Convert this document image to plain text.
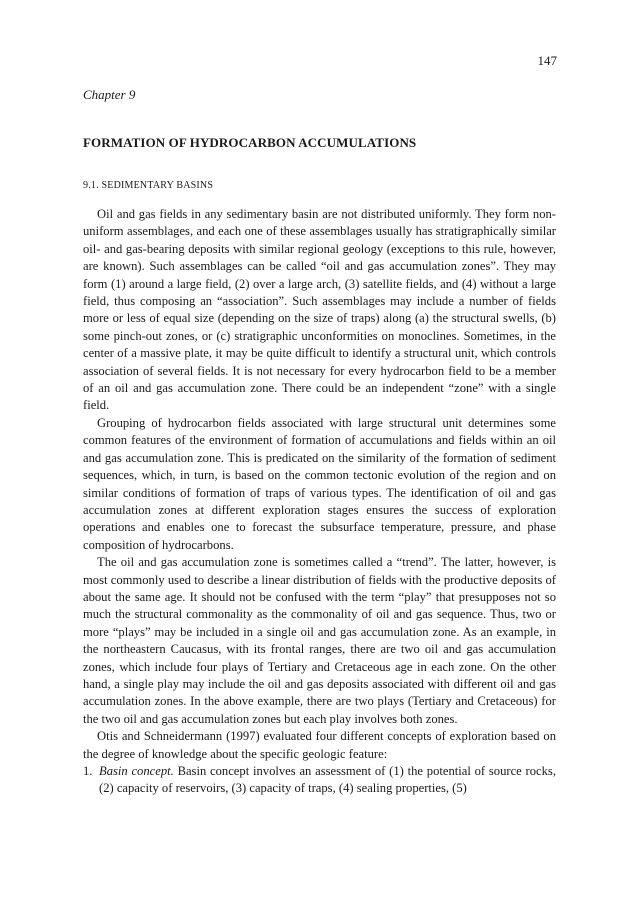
147
Chapter 9
FORMATION OF HYDROCARBON ACCUMULATIONS
9.1. SEDIMENTARY BASINS

Oil and gas fields in any sedimentary basin are not distributed uniformly. They form non-uniform assemblages, and each one of these assemblages usually has stratigraphically similar oil- and gas-bearing deposits with similar regional geology (exceptions to this rule, however, are known). Such assemblages can be called “oil and gas accumulation zones”. They may form (1) around a large field, (2) over a large arch, (3) satellite fields, and (4) without a large field, thus composing an “association”. Such assemblages may include a number of fields more or less of equal size (depending on the size of traps) along (a) the structural swells, (b) some pinch-out zones, or (c) stratigraphic unconformities on monoclines. Sometimes, in the center of a massive plate, it may be quite difficult to identify a structural unit, which controls association of several fields. It is not necessary for every hydrocarbon field to be a member of an oil and gas accumulation zone. There could be an independent “zone” with a single field.

Grouping of hydrocarbon fields associated with large structural unit determines some common features of the environment of formation of accumulations and fields within an oil and gas accumulation zone. This is predicated on the similarity of the formation of sediment sequences, which, in turn, is based on the common tectonic evolution of the region and on similar conditions of formation of traps of various types. The identification of oil and gas accumulation zones at different exploration stages ensures the success of exploration operations and enables one to forecast the subsurface temperature, pressure, and phase composition of hydrocarbons.

The oil and gas accumulation zone is sometimes called a “trend”. The latter, however, is most commonly used to describe a linear distribution of fields with the productive deposits of about the same age. It should not be confused with the term “play” that presupposes not so much the structural commonality as the commonality of oil and gas sequence. Thus, two or more “plays” may be included in a single oil and gas accumulation zone. As an example, in the northeastern Caucasus, with its frontal ranges, there are two oil and gas accumulation zones, which include four plays of Tertiary and Cretaceous age in each zone. On the other hand, a single play may include the oil and gas deposits associated with different oil and gas accumulation zones. In the above example, there are two plays (Tertiary and Cretaceous) for the two oil and gas accumulation zones but each play involves both zones.

Otis and Schneidermann (1997) evaluated four different concepts of exploration based on the degree of knowledge about the specific geologic feature:

1. Basin concept. Basin concept involves an assessment of (1) the potential of source rocks, (2) capacity of reservoirs, (3) capacity of traps, (4) sealing properties, (5)
